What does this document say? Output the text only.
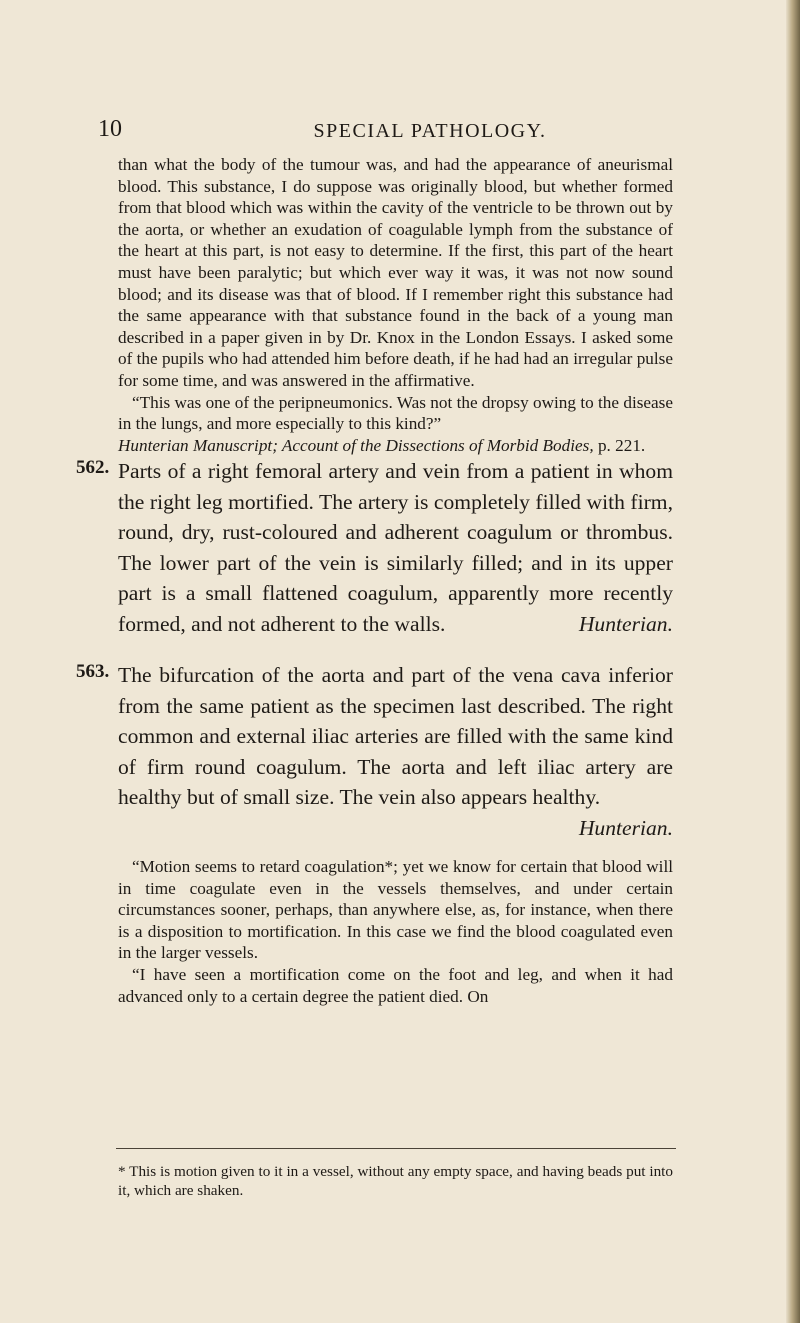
10	SPECIAL PATHOLOGY.

than what the body of the tumour was, and had the appearance of aneurismal blood. This substance, I do suppose was originally blood, but whether formed from that blood which was within the cavity of the ventricle to be thrown out by the aorta, or whether an exudation of coagulable lymph from the substance of the heart at this part, is not easy to determine. If the first, this part of the heart must have been paralytic; but which ever way it was, it was not now sound blood; and its disease was that of blood. If I remember right this substance had the same appearance with that substance found in the back of a young man described in a paper given in by Dr. Knox in the London Essays. I asked some of the pupils who had attended him before death, if he had had an irregular pulse for some time, and was answered in the affirmative.

“This was one of the peripneumonics. Was not the dropsy owing to the disease in the lungs, and more especially to this kind?”

Hunterian Manuscript; Account of the Dissections of Morbid Bodies, p. 221.

562. Parts of a right femoral artery and vein from a patient in whom the right leg mortified. The artery is completely filled with firm, round, dry, rust-coloured and adherent coagulum or thrombus. The lower part of the vein is similarly filled; and in its upper part is a small flattened coagulum, apparently more recently formed, and not adherent to the walls.	Hunterian.
563. The bifurcation of the aorta and part of the vena cava inferior from the same patient as the specimen last described. The right common and external iliac arteries are filled with the same kind of firm round coagulum. The aorta and left iliac artery are healthy but of small size. The vein also appears healthy.
Hunterian.

“Motion seems to retard coagulation*; yet we know for certain that blood will in time coagulate even in the vessels themselves, and under certain circumstances sooner, perhaps, than anywhere else, as, for instance, when there is a disposition to mortification. In this case we find the blood coagulated even in the larger vessels.

“I have seen a mortification come on the foot and leg, and when it had advanced only to a certain degree the patient died. On

* This is motion given to it in a vessel, without any empty space, and having beads put into it, which are shaken.
